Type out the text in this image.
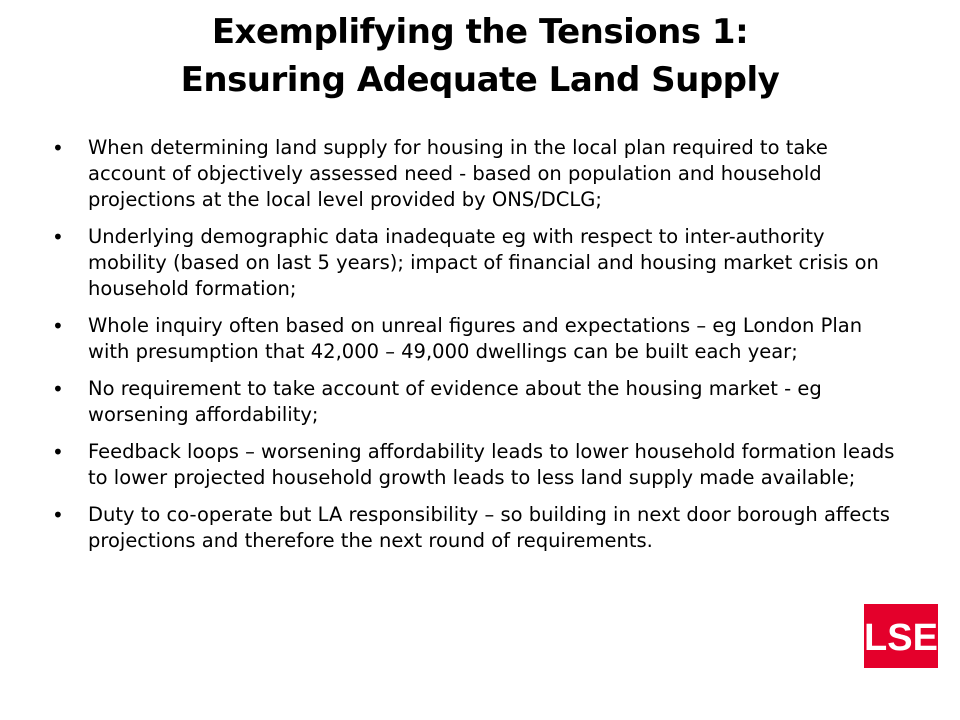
Exemplifying the Tensions 1:
Ensuring Adequate Land Supply
• When determining land supply for housing in the local plan required to take account of objectively assessed need - based on population and household projections at the local level provided by ONS/DCLG;
• Underlying demographic data inadequate eg with respect to inter-authority mobility (based on last 5 years); impact of financial and housing market crisis on household formation;
• Whole inquiry often based on unreal figures and expectations – eg London Plan with presumption that 42,000 – 49,000 dwellings can be built each year;
• No requirement to take account of evidence about the housing market - eg worsening affordability;
• Feedback loops – worsening affordability leads to lower household formation leads to lower projected household growth leads to less land supply made available;
• Duty to co-operate but LA responsibility – so building in next door borough affects projections and therefore the next round of requirements.
LSE
